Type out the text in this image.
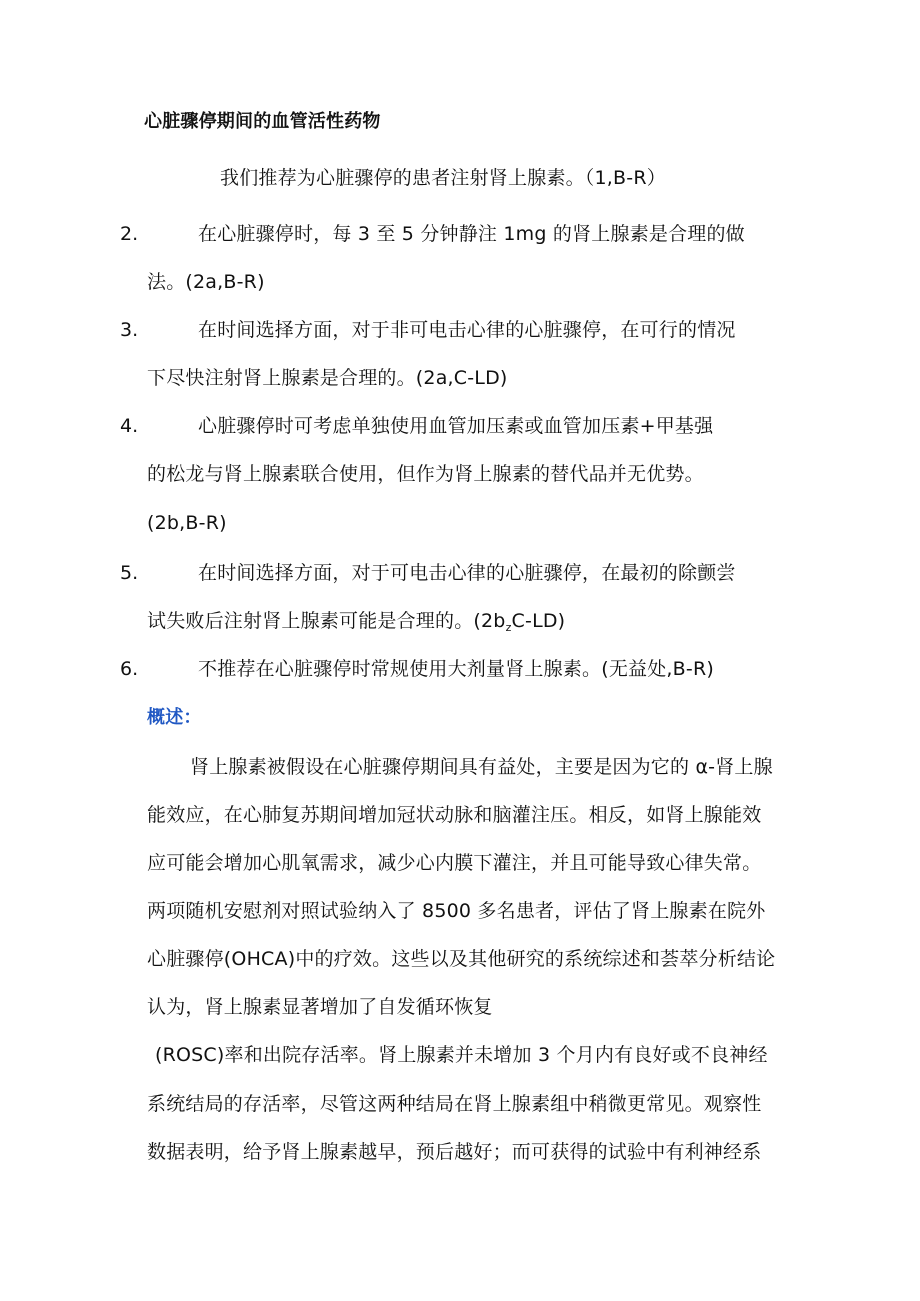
心脏骤停期间的血管活性药物
我们推荐为心脏骤停的患者注射肾上腺素。（1,B-R）
2.	在心脏骤停时，每 3 至 5 分钟静注 1mg 的肾上腺素是合理的做
法。(2a,B-R)
3.	在时间选择方面，对于非可电击心律的心脏骤停，在可行的情况
下尽快注射肾上腺素是合理的。(2a,C-LD)
4.	心脏骤停时可考虑单独使用血管加压素或血管加压素+甲基强
的松龙与肾上腺素联合使用，但作为肾上腺素的替代品并无优势。
(2b,B-R)
5.	在时间选择方面，对于可电击心律的心脏骤停，在最初的除颤尝
试失败后注射肾上腺素可能是合理的。$(2b_zC-LD)$
6.	不推荐在心脏骤停时常规使用大剂量肾上腺素。(无益处,B-R)
概述：
肾上腺素被假设在心脏骤停期间具有益处，主要是因为它的 α-肾上腺
能效应，在心肺复苏期间增加冠状动脉和脑灌注压。相反，如肾上腺能效
应可能会增加心肌氧需求，减少心内膜下灌注，并且可能导致心律失常。
两项随机安慰剂对照试验纳入了 8500 多名患者，评估了肾上腺素在院外
心脏骤停(OHCA)中的疗效。这些以及其他研究的系统综述和荟萃分析结论
认为，肾上腺素显著增加了自发循环恢复
(ROSC)率和出院存活率。肾上腺素并未增加 3 个月内有良好或不良神经
系统结局的存活率，尽管这两种结局在肾上腺素组中稍微更常见。观察性
数据表明，给予肾上腺素越早，预后越好；而可获得的试验中有利神经系
